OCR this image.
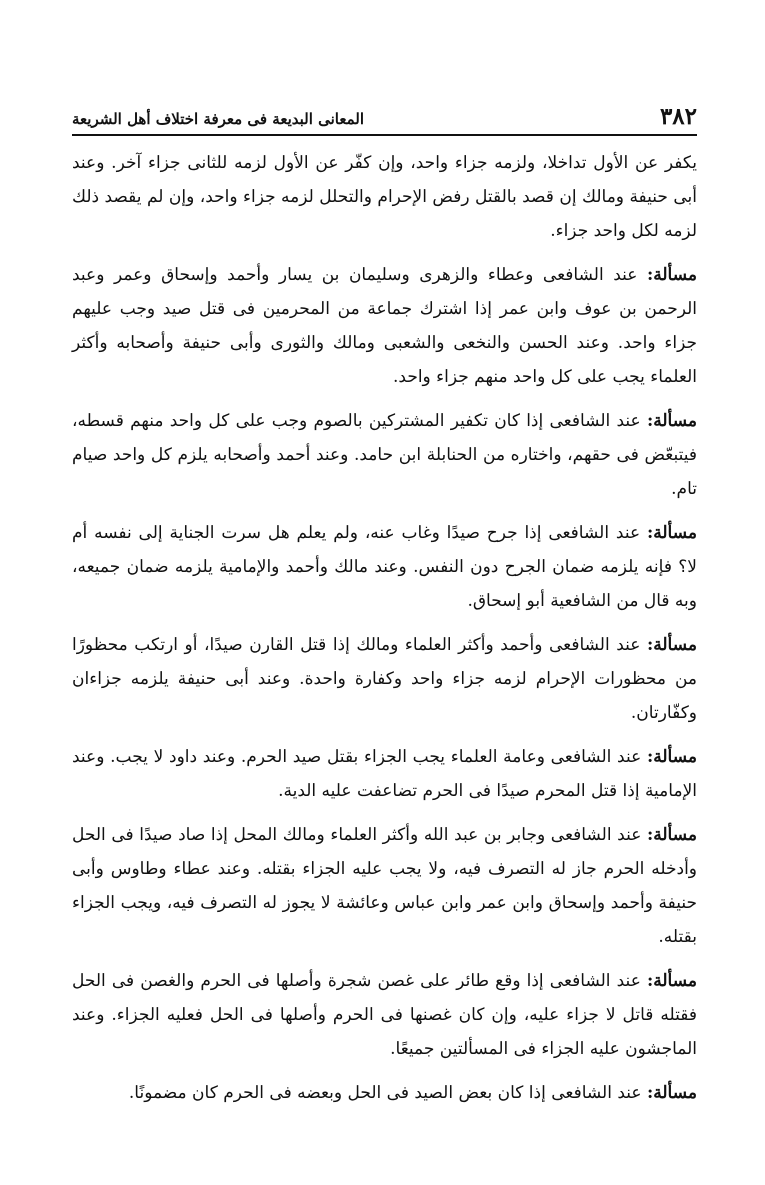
٣٨٢
المعانى البديعة فى معرفة اختلاف أهل الشريعة

يكفر عن الأول تداخلا، ولزمه جزاء واحد، وإن كفّر عن الأول لزمه للثانى جزاء آخر. وعند أبى حنيفة ومالك إن قصد بالقتل رفض الإحرام والتحلل لزمه جزاء واحد، وإن لم يقصد ذلك لزمه لكل واحد جزاء.

مسألة: عند الشافعى وعطاء والزهرى وسليمان بن يسار وأحمد وإسحاق وعمر وعبد الرحمن بن عوف وابن عمر إذا اشترك جماعة من المحرمين فى قتل صيد وجب عليهم جزاء واحد. وعند الحسن والنخعى والشعبى ومالك والثورى وأبى حنيفة وأصحابه وأكثر العلماء يجب على كل واحد منهم جزاء واحد.

مسألة: عند الشافعى إذا كان تكفير المشتركين بالصوم وجب على كل واحد منهم قسطه، فيتبعّض فى حقهم، واختاره من الحنابلة ابن حامد. وعند أحمد وأصحابه يلزم كل واحد صيام تام.

مسألة: عند الشافعى إذا جرح صيدًا وغاب عنه، ولم يعلم هل سرت الجناية إلى نفسه أم لا؟ فإنه يلزمه ضمان الجرح دون النفس. وعند مالك وأحمد والإمامية يلزمه ضمان جميعه، وبه قال من الشافعية أبو إسحاق.

مسألة: عند الشافعى وأحمد وأكثر العلماء ومالك إذا قتل القارن صيدًا، أو ارتكب محظورًا من محظورات الإحرام لزمه جزاء واحد وكفارة واحدة. وعند أبى حنيفة يلزمه جزاءان وكفّارتان.

مسألة: عند الشافعى وعامة العلماء يجب الجزاء بقتل صيد الحرم. وعند داود لا يجب. وعند الإمامية إذا قتل المحرم صيدًا فى الحرم تضاعفت عليه الدية.

مسألة: عند الشافعى وجابر بن عبد الله وأكثر العلماء ومالك المحل إذا صاد صيدًا فى الحل وأدخله الحرم جاز له التصرف فيه، ولا يجب عليه الجزاء بقتله. وعند عطاء وطاوس وأبى حنيفة وأحمد وإسحاق وابن عمر وابن عباس وعائشة لا يجوز له التصرف فيه، ويجب الجزاء بقتله.

مسألة: عند الشافعى إذا وقع طائر على غصن شجرة وأصلها فى الحرم والغصن فى الحل فقتله قاتل لا جزاء عليه، وإن كان غصنها فى الحرم وأصلها فى الحل فعليه الجزاء. وعند الماجشون عليه الجزاء فى المسألتين جميعًا.

مسألة: عند الشافعى إذا كان بعض الصيد فى الحل وبعضه فى الحرم كان مضمونًا.
